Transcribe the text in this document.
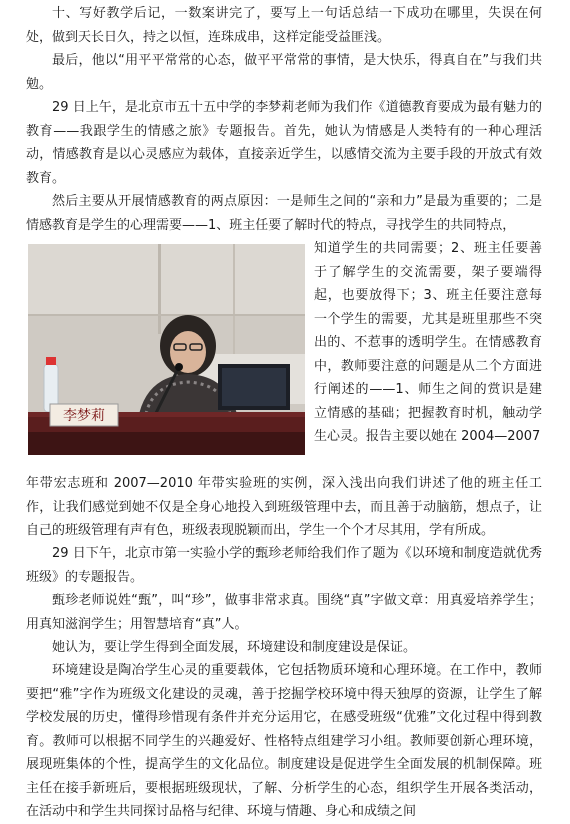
十、写好教学后记，一数案讲完了，要写上一句话总结一下成功在哪里，失误在何处，做到天长日久，持之以恒，连珠成串，这样定能受益匪浅。

最后，他以“用平平常常的心态，做平平常常的事情，是大快乐，得真自在”与我们共勉。

29 日上午，是北京市五十五中学的李梦莉老师为我们作《道德教育要成为最有魅力的教育——我跟学生的情感之旅》专题报告。首先，她认为情感是人类特有的一种心理活动，情感教育是以心灵感应为载体，直接亲近学生，以感情交流为主要手段的开放式有效教育。

然后主要从开展情感教育的两点原因：一是师生之间的“亲和力”是最为重要的；二是情感教育是学生的心理需要——1、班主任要了解时代的特点，寻找学生的共同特点，

李梦莉

知道学生的共同需要；2、班主任要善于了解学生的交流需要，架子要端得起，也要放得下；3、班主任要注意每一个学生的需要，尤其是班里那些不突出的、不惹事的透明学生。在情感教育中，教师要注意的问题是从二个方面进行阐述的——1、师生之间的赏识是建立情感的基础；把握教育时机，触动学生心灵。报告主要以她在 2004—2007

年带宏志班和 2007—2010 年带实验班的实例，深入浅出向我们讲述了他的班主任工作，让我们感觉到她不仅是全身心地投入到班级管理中去，而且善于动脑筋，想点子，让自己的班级管理有声有色，班级表现脱颖而出，学生一个个才尽其用，学有所成。

29 日下午，北京市第一实验小学的甄珍老师给我们作了题为《以环境和制度造就优秀班级》的专题报告。

甄珍老师说姓“甄”，叫“珍”，做事非常求真。围绕“真”字做文章：用真爱培养学生；用真知滋润学生；用智慧培育“真”人。

她认为，要让学生得到全面发展，环境建设和制度建设是保证。

环境建设是陶冶学生心灵的重要载体，它包括物质环境和心理环境。在工作中，教师要把“雅”字作为班级文化建设的灵魂，善于挖掘学校环境中得天独厚的资源，让学生了解学校发展的历史，懂得珍惜现有条件并充分运用它，在感受班级“优雅”文化过程中得到教育。教师可以根据不同学生的兴趣爱好、性格特点组建学习小组。教师要创新心理环境，展现班集体的个性，提高学生的文化品位。制度建设是促进学生全面发展的机制保障。班主任在接手新班后，要根据班级现状，了解、分析学生的心态，组织学生开展各类活动，在活动中和学生共同探讨品格与纪律、环境与情趣、身心和成绩之间
